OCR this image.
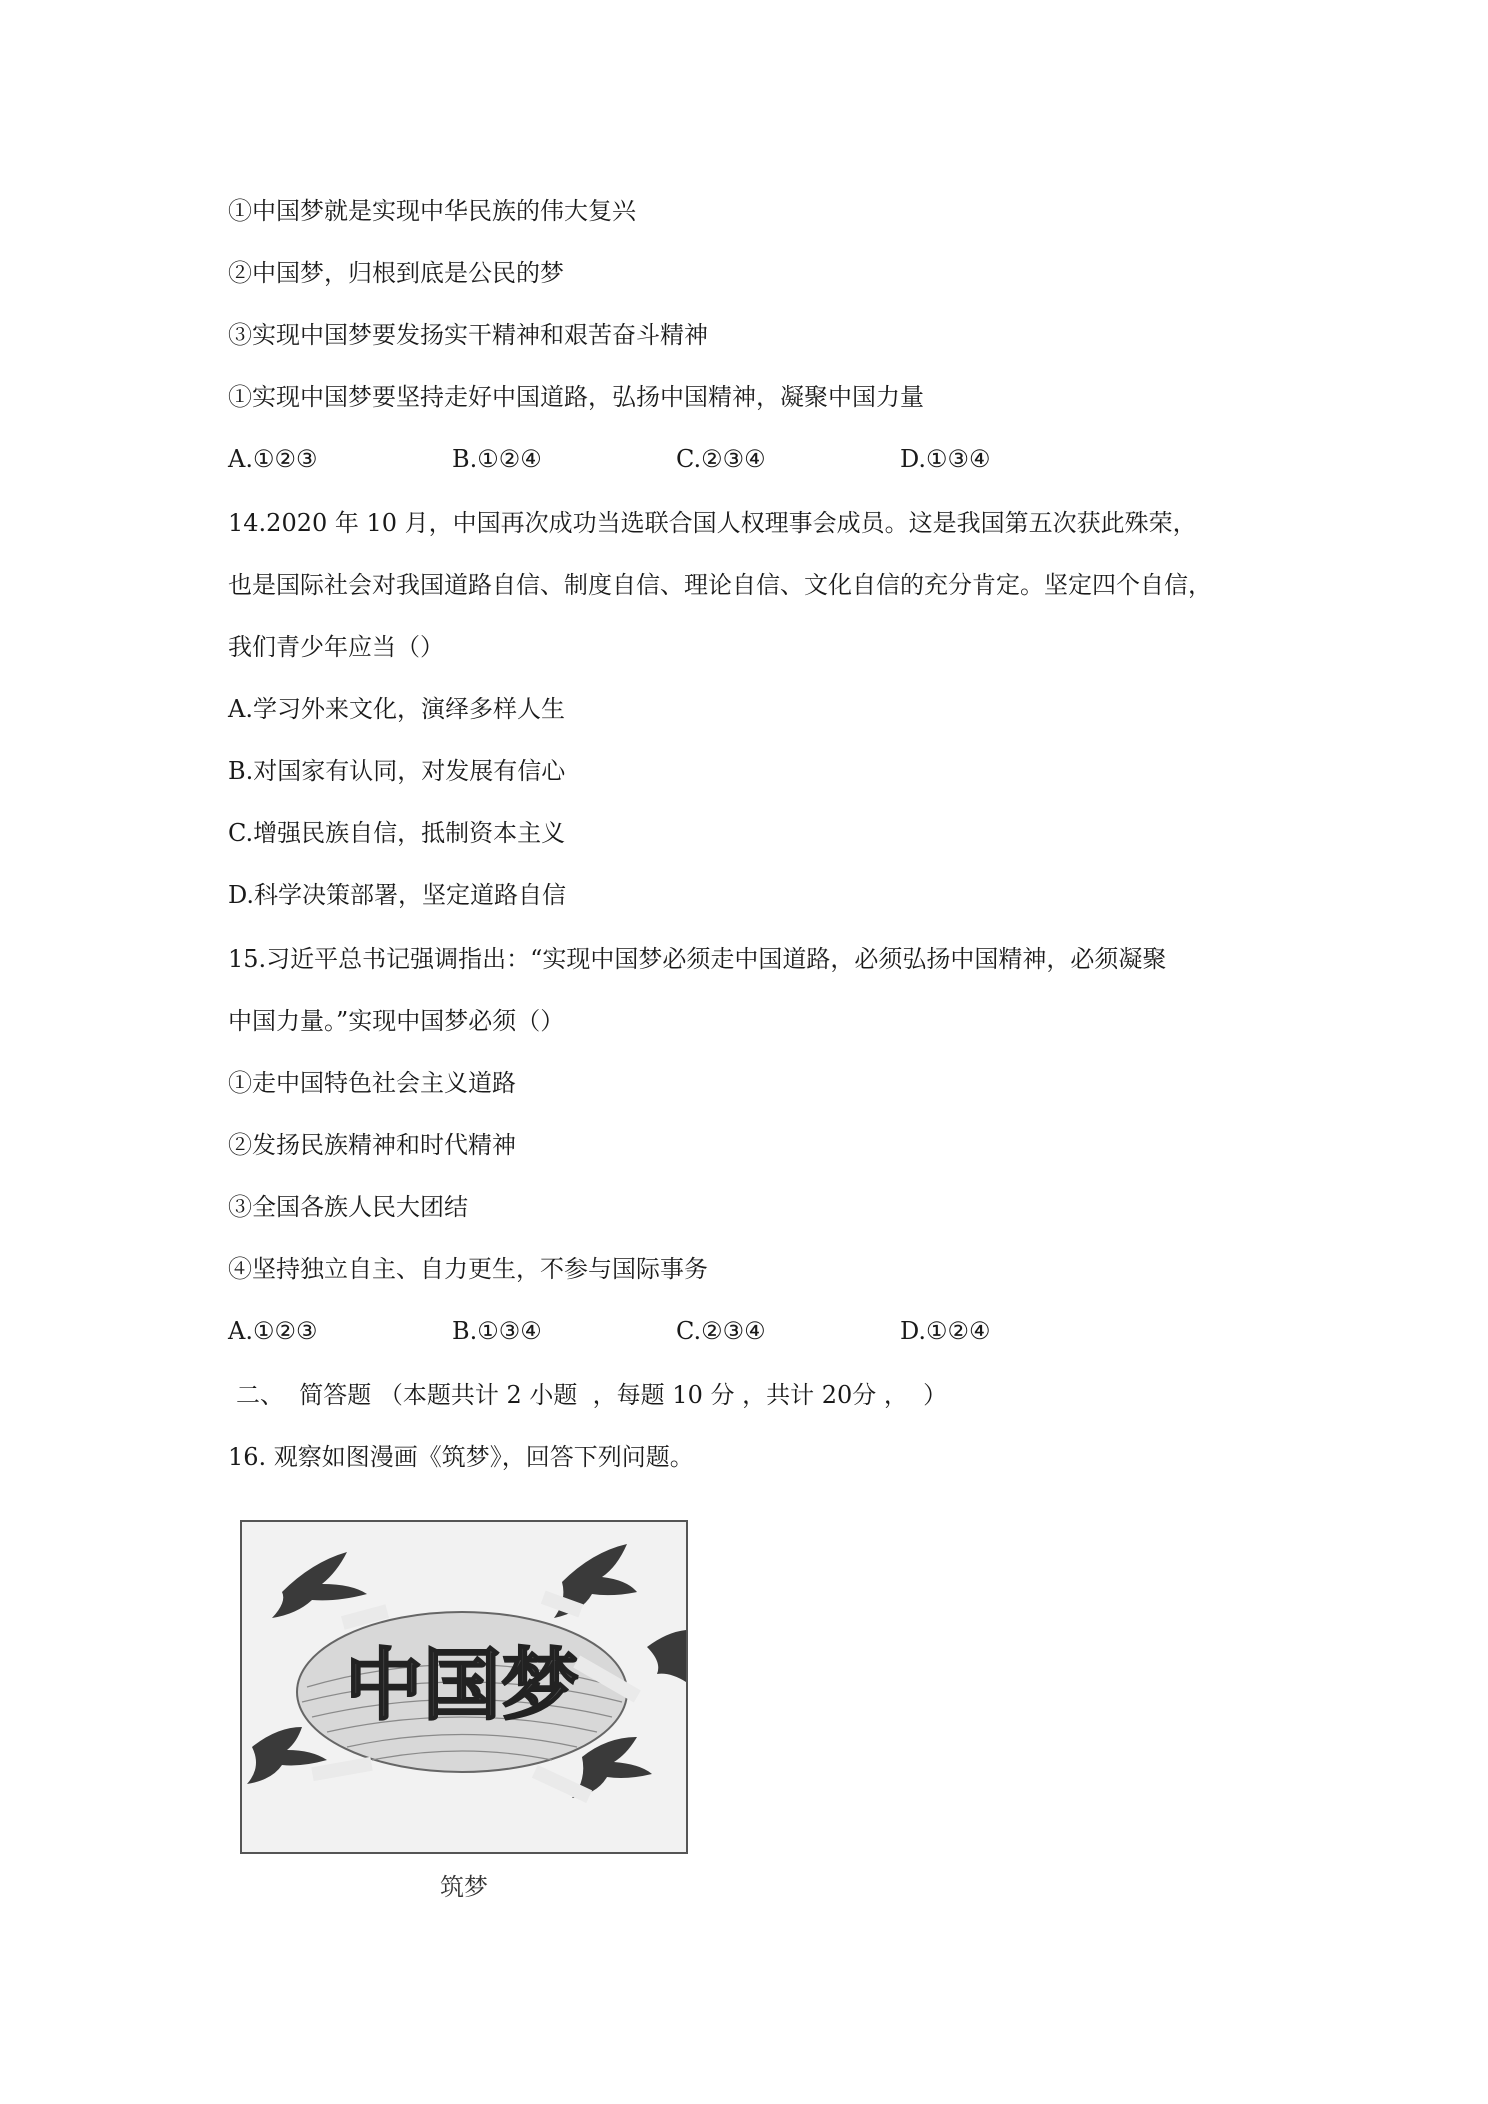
①中国梦就是实现中华民族的伟大复兴
②中国梦，归根到底是公民的梦
③实现中国梦要发扬实干精神和艰苦奋斗精神
①实现中国梦要坚持走好中国道路，弘扬中国精神，凝聚中国力量
A.①②③	B.①②④	C.②③④	D.①③④
14.2020 年 10 月，中国再次成功当选联合国人权理事会成员。这是我国第五次获此殊荣，
也是国际社会对我国道路自信、制度自信、理论自信、文化自信的充分肯定。坚定四个自信，
我们青少年应当（）
A.学习外来文化，演绎多样人生
B.对国家有认同，对发展有信心
C.增强民族自信，抵制资本主义
D.科学决策部署，坚定道路自信
15.习近平总书记强调指出：“实现中国梦必须走中国道路，必须弘扬中国精神，必须凝聚
中国力量。”实现中国梦必须（）
①走中国特色社会主义道路
②发扬民族精神和时代精神
③全国各族人民大团结
④坚持独立自主、自力更生，不参与国际事务
A.①②③	B.①③④	C.②③④	D.①②④
二、  简答题 （本题共计 2 小题  ，每题 10 分 ，共计 20分 ，  ）
16. 观察如图漫画《筑梦》，回答下列问题。
中国梦
筑梦
